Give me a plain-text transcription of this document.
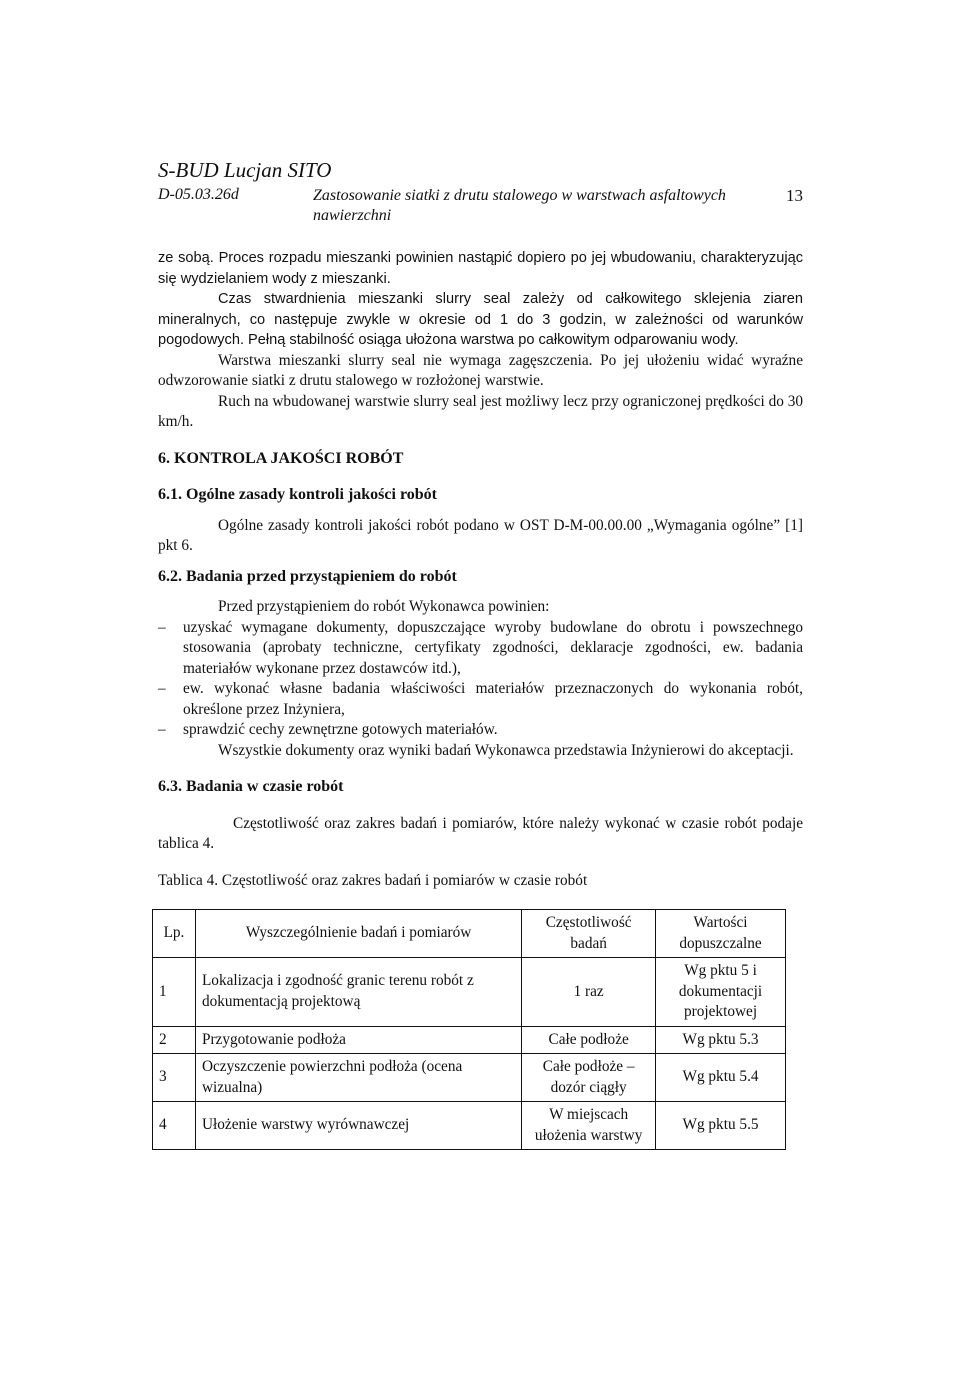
S-BUD Lucjan SITO
D-05.03.26d	Zastosowanie siatki z drutu stalowego w warstwach asfaltowych nawierzchni
13

ze sobą. Proces rozpadu mieszanki powinien nastąpić dopiero po jej wbudowaniu, charakteryzując się wydzielaniem wody z mieszanki.

Czas stwardnienia mieszanki slurry seal zależy od całkowitego sklejenia ziaren mineralnych, co następuje zwykle w okresie od 1 do 3 godzin, w zależności od warunków pogodowych. Pełną stabilność osiąga ułożona warstwa po całkowitym odparowaniu wody.

Warstwa mieszanki slurry seal nie wymaga zagęszczenia. Po jej ułożeniu widać wyraźne odwzorowanie siatki z drutu stalowego w rozłożonej warstwie.

Ruch na wbudowanej warstwie slurry seal jest możliwy lecz przy ograniczonej prędkości do 30 km/h.

6. KONTROLA JAKOŚCI ROBÓT
6.1. Ogólne zasady kontroli jakości robót

Ogólne zasady kontroli jakości robót podano w OST D-M-00.00.00 „Wymagania ogólne” [1] pkt 6.

6.2. Badania przed przystąpieniem do robót

Przed przystąpieniem do robót Wykonawca powinien:

– uzyskać wymagane dokumenty, dopuszczające wyroby budowlane do obrotu i powszechnego stosowania (aprobaty techniczne, certyfikaty zgodności, deklaracje zgodności, ew. badania materiałów wykonane przez dostawców itd.),
– ew. wykonać własne badania właściwości materiałów przeznaczonych do wykonania robót, określone przez Inżyniera,
– sprawdzić cechy zewnętrzne gotowych materiałów.

Wszystkie dokumenty oraz wyniki badań Wykonawca przedstawia Inżynierowi do akceptacji.

6.3. Badania w czasie robót

Częstotliwość oraz zakres badań i pomiarów, które należy wykonać w czasie robót podaje tablica 4.

Tablica 4. Częstotliwość oraz zakres badań i pomiarów w czasie robót

Lp.	Wyszczególnienie badań i pomiarów	Częstotliwość badań	Wartości dopuszczalne
1	Lokalizacja i zgodność granic terenu robót z dokumentacją projektową	1 raz	Wg pktu 5 i dokumentacji projektowej
2	Przygotowanie podłoża	Całe podłoże	Wg pktu 5.3
3	Oczyszczenie powierzchni podłoża (ocena wizualna)	Całe podłoże – dozór ciągły	Wg pktu 5.4
4	Ułożenie warstwy wyrównawczej	W miejscach ułożenia warstwy	Wg pktu 5.5
